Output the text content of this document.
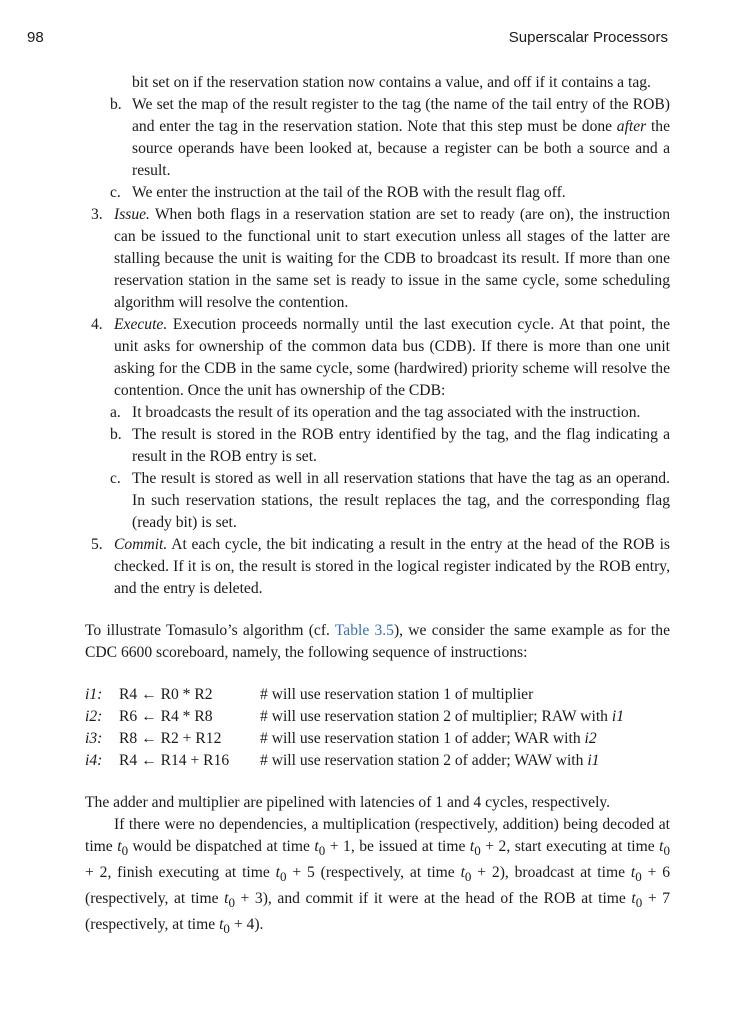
98	Superscalar Processors

bit set on if the reservation station now contains a value, and off if it contains a tag.

b. We set the map of the result register to the tag (the name of the tail entry of the ROB) and enter the tag in the reservation station. Note that this step must be done after the source operands have been looked at, because a register can be both a source and a result.

c. We enter the instruction at the tail of the ROB with the result flag off.

3. Issue. When both flags in a reservation station are set to ready (are on), the instruction can be issued to the functional unit to start execution unless all stages of the latter are stalling because the unit is waiting for the CDB to broadcast its result. If more than one reservation station in the same set is ready to issue in the same cycle, some scheduling algorithm will resolve the contention.

4. Execute. Execution proceeds normally until the last execution cycle. At that point, the unit asks for ownership of the common data bus (CDB). If there is more than one unit asking for the CDB in the same cycle, some (hardwired) priority scheme will resolve the contention. Once the unit has ownership of the CDB:

a. It broadcasts the result of its operation and the tag associated with the instruction.

b. The result is stored in the ROB entry identified by the tag, and the flag indicating a result in the ROB entry is set.

c. The result is stored as well in all reservation stations that have the tag as an operand. In such reservation stations, the result replaces the tag, and the corresponding flag (ready bit) is set.

5. Commit. At each cycle, the bit indicating a result in the entry at the head of the ROB is checked. If it is on, the result is stored in the logical register indicated by the ROB entry, and the entry is deleted.

To illustrate Tomasulo’s algorithm (cf. Table 3.5), we consider the same example as for the CDC 6600 scoreboard, namely, the following sequence of instructions:

i1:	R4 ← R0 * R2	# will use reservation station 1 of multiplier
i2:	R6 ← R4 * R8	# will use reservation station 2 of multiplier; RAW with i1
i3:	R8 ← R2 + R12	# will use reservation station 1 of adder; WAR with i2
i4:	R4 ← R14 + R16	# will use reservation station 2 of adder; WAW with i1

The adder and multiplier are pipelined with latencies of 1 and 4 cycles, respectively.

If there were no dependencies, a multiplication (respectively, addition) being decoded at time $t_0$ would be dispatched at time $t_0 + 1$, be issued at time $t_0 + 2$, start executing at time $t_0 + 2$, finish executing at time $t_0 + 5$ (respectively, at time $t_0 + 2$), broadcast at time $t_0 + 6$ (respectively, at time $t_0 + 3$), and commit if it were at the head of the ROB at time $t_0 + 7$ (respectively, at time $t_0 + 4$).
